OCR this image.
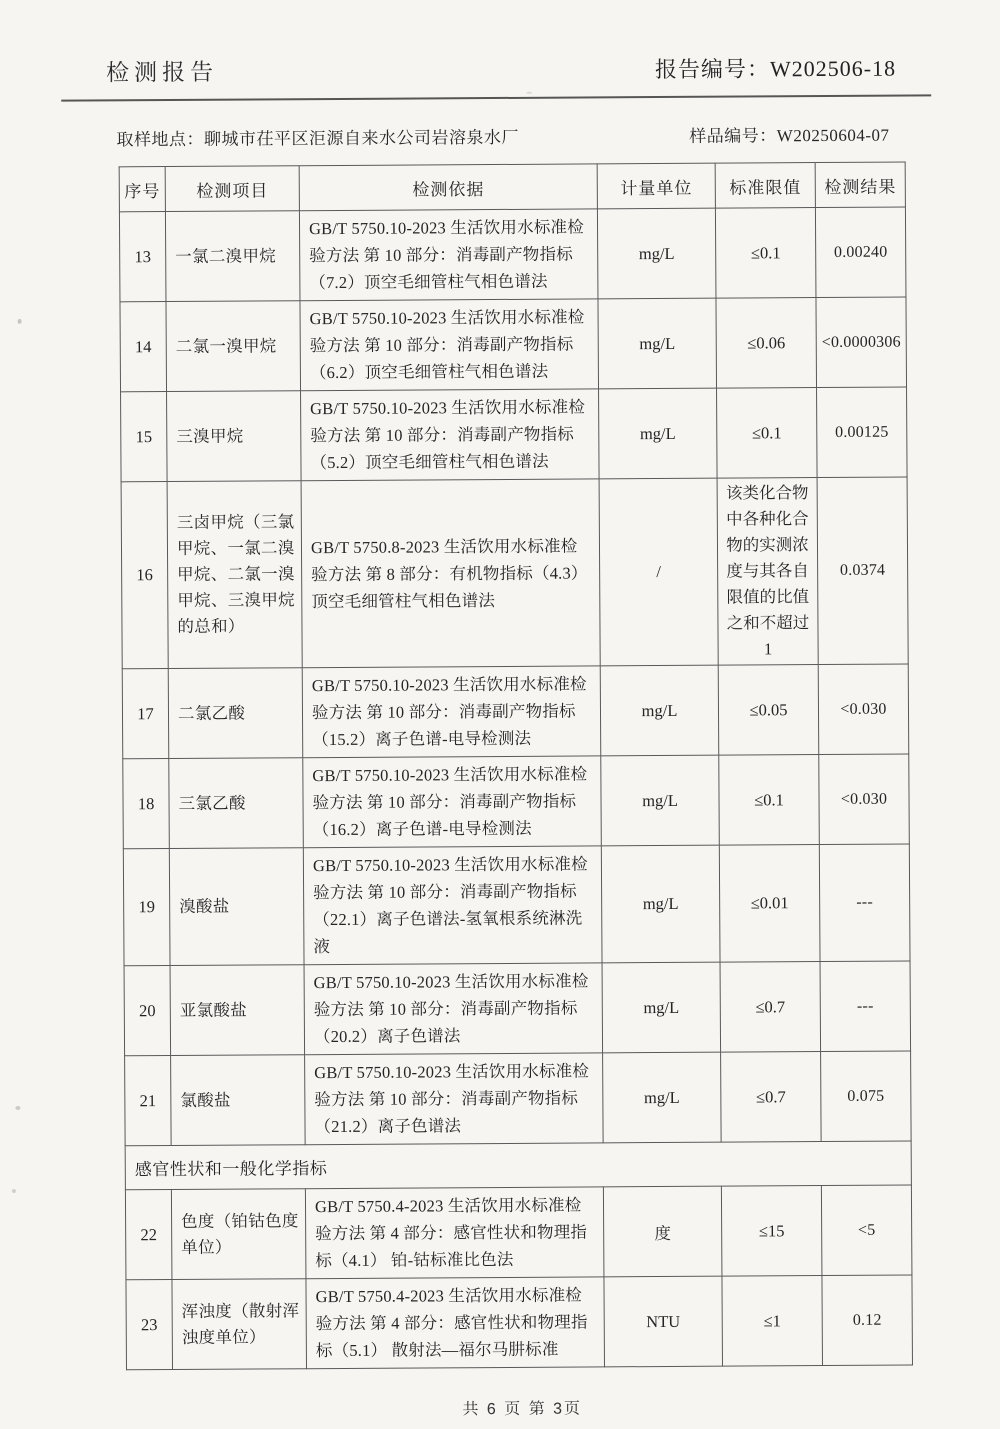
检测报告	报告编号：W202506-18
取样地点：聊城市茌平区洰源自来水公司岩溶泉水厂	样品编号：W20250604-07
序号	检测项目	检测依据	计量单位	标准限值	检测结果
13	一氯二溴甲烷	GB/T 5750.10-2023 生活饮用水标准检验方法 第 10 部分：消毒副产物指标（7.2）顶空毛细管柱气相色谱法	mg/L	≤0.1	0.00240
14	二氯一溴甲烷	GB/T 5750.10-2023 生活饮用水标准检验方法 第 10 部分：消毒副产物指标（6.2）顶空毛细管柱气相色谱法	mg/L	≤0.06	<0.0000306
15	三溴甲烷	GB/T 5750.10-2023 生活饮用水标准检验方法 第 10 部分：消毒副产物指标（5.2）顶空毛细管柱气相色谱法	mg/L	≤0.1	0.00125
16	三卤甲烷（三氯甲烷、一氯二溴甲烷、二氯一溴甲烷、三溴甲烷的总和）	GB/T 5750.8-2023 生活饮用水标准检验方法 第 8 部分：有机物指标（4.3）顶空毛细管柱气相色谱法	/	该类化合物中各种化合物的实测浓度与其各自限值的比值之和不超过 1	0.0374
17	二氯乙酸	GB/T 5750.10-2023 生活饮用水标准检验方法 第 10 部分：消毒副产物指标（15.2）离子色谱-电导检测法	mg/L	≤0.05	<0.030
18	三氯乙酸	GB/T 5750.10-2023 生活饮用水标准检验方法 第 10 部分：消毒副产物指标（16.2）离子色谱-电导检测法	mg/L	≤0.1	<0.030
19	溴酸盐	GB/T 5750.10-2023 生活饮用水标准检验方法 第 10 部分：消毒副产物指标（22.1）离子色谱法-氢氧根系统淋洗液	mg/L	≤0.01	---
20	亚氯酸盐	GB/T 5750.10-2023 生活饮用水标准检验方法 第 10 部分：消毒副产物指标（20.2）离子色谱法	mg/L	≤0.7	---
21	氯酸盐	GB/T 5750.10-2023 生活饮用水标准检验方法 第 10 部分：消毒副产物指标（21.2）离子色谱法	mg/L	≤0.7	0.075
感官性状和一般化学指标					
22	色度（铂钴色度单位）	GB/T 5750.4-2023 生活饮用水标准检验方法 第 4 部分：感官性状和物理指标（4.1） 铂-钴标准比色法	度	≤15	<5
23	浑浊度（散射浑浊度单位）	GB/T 5750.4-2023 生活饮用水标准检验方法 第 4 部分：感官性状和物理指标（5.1） 散射法—福尔马肼标准	NTU	≤1	0.12
共 6 页 第 3页
